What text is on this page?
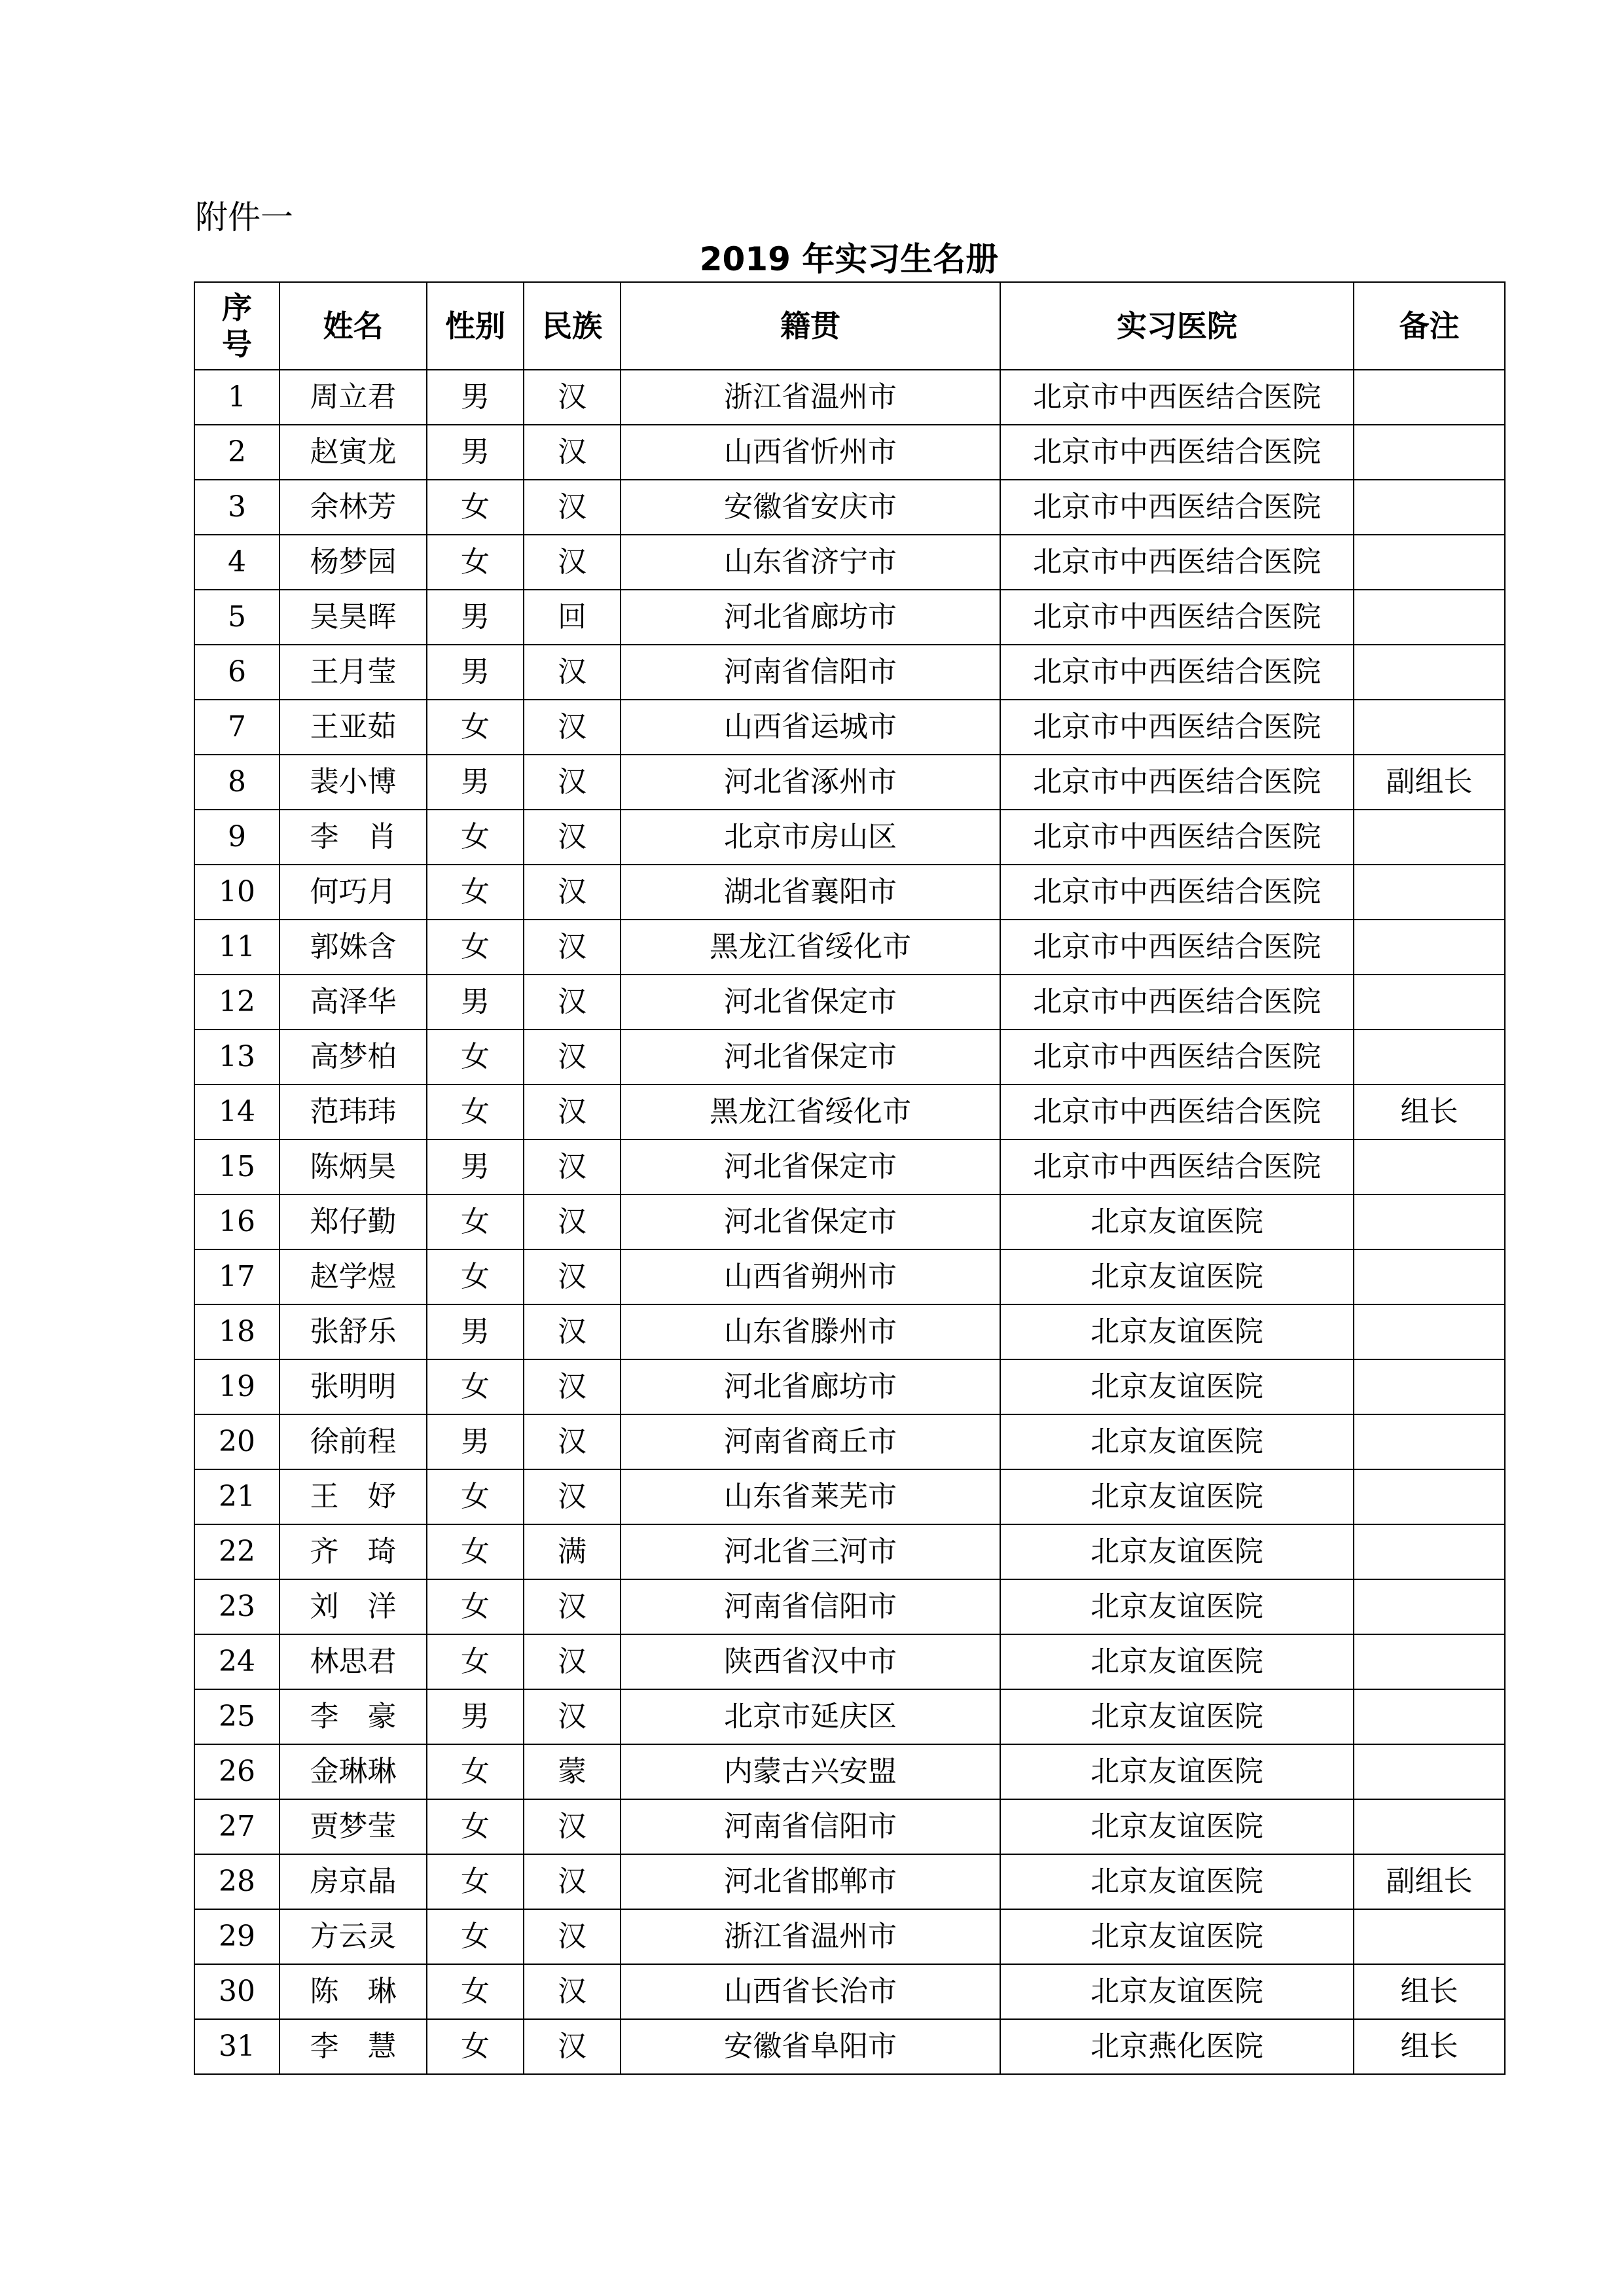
附件一
2019 年实习生名册
序
号	姓名	性别	民族	籍贯	实习医院	备注
1	周立君	男	汉	浙江省温州市	北京市中西医结合医院	
2	赵寅龙	男	汉	山西省忻州市	北京市中西医结合医院	
3	余林芳	女	汉	安徽省安庆市	北京市中西医结合医院	
4	杨梦园	女	汉	山东省济宁市	北京市中西医结合医院	
5	吴昊晖	男	回	河北省廊坊市	北京市中西医结合医院	
6	王月莹	男	汉	河南省信阳市	北京市中西医结合医院	
7	王亚茹	女	汉	山西省运城市	北京市中西医结合医院	
8	裴小博	男	汉	河北省涿州市	北京市中西医结合医院	副组长
9	李　肖	女	汉	北京市房山区	北京市中西医结合医院	
10	何巧月	女	汉	湖北省襄阳市	北京市中西医结合医院	
11	郭姝含	女	汉	黑龙江省绥化市	北京市中西医结合医院	
12	高泽华	男	汉	河北省保定市	北京市中西医结合医院	
13	高梦柏	女	汉	河北省保定市	北京市中西医结合医院	
14	范玮玮	女	汉	黑龙江省绥化市	北京市中西医结合医院	组长
15	陈炳昊	男	汉	河北省保定市	北京市中西医结合医院	
16	郑仔勤	女	汉	河北省保定市	北京友谊医院	
17	赵学煜	女	汉	山西省朔州市	北京友谊医院	
18	张舒乐	男	汉	山东省滕州市	北京友谊医院	
19	张明明	女	汉	河北省廊坊市	北京友谊医院	
20	徐前程	男	汉	河南省商丘市	北京友谊医院	
21	王　妤	女	汉	山东省莱芜市	北京友谊医院	
22	齐　琦	女	满	河北省三河市	北京友谊医院	
23	刘　洋	女	汉	河南省信阳市	北京友谊医院	
24	林思君	女	汉	陕西省汉中市	北京友谊医院	
25	李　豪	男	汉	北京市延庆区	北京友谊医院	
26	金琳琳	女	蒙	内蒙古兴安盟	北京友谊医院	
27	贾梦莹	女	汉	河南省信阳市	北京友谊医院	
28	房京晶	女	汉	河北省邯郸市	北京友谊医院	副组长
29	方云灵	女	汉	浙江省温州市	北京友谊医院	
30	陈　琳	女	汉	山西省长治市	北京友谊医院	组长
31	李　慧	女	汉	安徽省阜阳市	北京燕化医院	组长
